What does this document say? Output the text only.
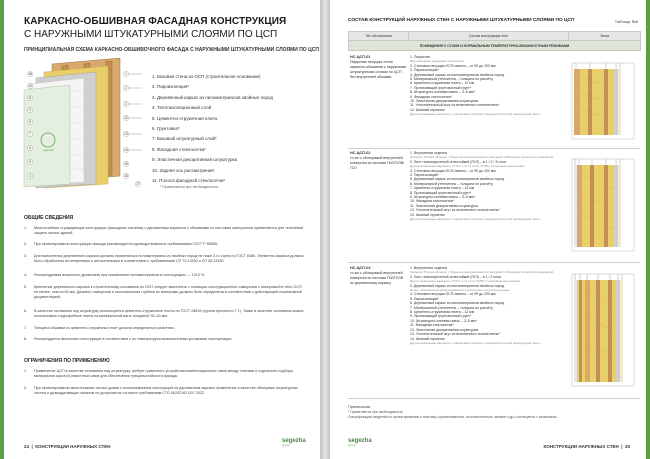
КАРКАСНО-ОБШИВНАЯ ФАСАДНАЯ КОНСТРУКЦИЯ
С НАРУЖНЫМИ ШТУКАТУРНЫМИ СЛОЯМИ ПО ЦСП
ПРИНЦИПИАЛЬНАЯ СХЕМА КАРКАСНО-ОБШИВОЧНОГО ФАСАДА С НАРУЖНЫМИ ШТУКАТУРНЫМИ СЛОЯМИ ПО ЦСП
segezha
18
10
11
9
8
7
6
5
4
1
2
3
12
13
14
15
16
17
1. Базовая стена из ОСП (строительное основание)
2. Пароизоляция*
3. Деревянный каркас из пиломатериалов хвойных пород
4. Теплоизоляционный слой
5. Цементно-стружечная плита
6. Грунтовка*
7. Базовый штукатурный слой*
8. Фасадная стеклосетка*
9. Эластичная декоративная штукатурка
10. Задняя ось рассмотрения
11. Полоса фасадной стеклосетки*
* Применяется при необходимости
ОБЩИЕ СВЕДЕНИЯ
1. Многослойные ограждающие конструкции (фасадные системы) с деревянным каркасом с обшивками из листовых материалов применяются для теплоёвой защиты жилых зданий.
2. При проектировании конструкции фасада рекомендуется руководствоваться требованиями ГОСТ Р 55658.
3. Для выполнения деревянного каркаса должны применяться пиломатериалы из хвойных пород не ниже 2-го сорта по ГОСТ 8486. Элементы каркаса должны быть обработаны антипиренами и антисептиками в соответствии с требованиями СП 70.13330 и СП 28.13330.
4. Рекомендуемая влажность древесины при применении пиломатериалов в конструкциях — 12±2 %.
5. Крепление деревянного каркаса к строительному основанию из ОСП следует выполнять с помощью конструкционных саморезов с анкеровкой в тело ОСП не менее, чем на 60 мм. Диаметр саморезов и окончательная глубина их анкеровки должны быть определены в соответствии с действующей нормативной документацией.
6. В качестве основания под штукатурку используются цементно-стружечные плиты по ГОСТ 26816 (группа прочности Г 1). Также в качестве основания можно использовать гидрофобные плиты из минеральной ваты толщиной 30–40 мм.
7. Толщина обшивки из цементно-стружечных плит должна определяться расчётом.
8. Рекомендуется выполнять конструкции в соответствии с их температурно-влажностными условиями эксплуатации.
ОГРАНИЧЕНИЯ ПО ПРИМЕНЕНИЮ
1. Применение ЦСП в качестве основания под штукатурку требует грамотного устройства компенсационных швов между плитами и отдельного подбора материалов скрытой ремонтных швов для обеспечения трещиностойкости фасада.
2. При проектировании многоэтажных жилых домов с использованием конструкций на деревянном каркасе применение в качестве облицовки штукатурных систем и дымоудаляющих каналов не допускается согласно требованиям СТО 06202162-007-2022.
24  |  КОНСТРУКЦИИ НАРУЖНЫХ СТЕН
segezha
group
СОСТАВ КОНСТРУКЦИЙ НАРУЖНЫХ СТЕН С НАРУЖНЫМИ ШТУКАТУРНЫМИ СЛОЯМИ ПО ЦСП	Таблица №8
Тип обозначения	Состав конструкции стен	Эскиз
ПОМЕЩЕНИЯ С СУХИМ И НОРМАЛЬНЫМ ТЕМПЕРАТУРНО-ВЛАЖНОСТНЫМ РЕЖИМАМИ
НС-ЦСП-01
Наружная несущая стена каркасно-обшивная с наружными штукатурными слоями по ЦСП без внутренней обшивки
1. Покрытие
Вид облицовки (заданный заказчиком)
2. Стеновая несущая ОСП-панель – от 90 до 200 мм
3. Пароизоляция*
4. Деревянный каркас из пиломатериалов хвойных пород
5. Минеральный утеплитель – толщина по расчёту
6. Цементно-стружечная плита – 12 мм
7. Проникающий грунтовочный грунт*
8. Штукатурно-клеевая смесь – 3–5 мм*
9. Фасадная стеклосетка*
10. Эластичная декоративная штукатурка
11. Уплотнительный жгут из вспененного полиэтилена*
12. Шовный герметик
Другие возможные варианты: штапиковая пластика с разделкой полосой армирующей ленты
НС-ЦСП-02
то же с облицовкой внутренней поверхности листами ГКЛ/ГКЛВ/ГСП
1. Внутренняя отделка
Окраска / Плитка облицов. / Покрытие декоративной штукатуркой / Облицовка плиткой или раковиной
2. Лист гипсокартонный огнестойкий (ГКЛ) – в 1 / 2 / 3 слоя
Другие возможные варианты: ГСП в 1 / 2 / 3 слоя; ГКЛВ с пошаговым креплением
3. Стеновая несущая ОСП-панель – от 90 до 200 мм
4. Пароизоляция*
5. Деревянный каркас из пиломатериалов хвойных пород
6. Минеральный утеплитель – толщина по расчёту
7. Цементно-стружечная плита – 12 мм
8. Проникающий грунтовочный грунт*
9. Штукатурно-клеевая смесь – 3–5 мм*
10. Фасадная стеклосетка*
11. Эластичная декоративная штукатурка
12. Уплотнительный жгут из вспененного полиэтилена*
13. Шовный герметик
Другие возможные варианты: штапиковая пластика с разделкой полосой армирующей ленты
НС-ЦСП-03
то же с облицовкой внутренней поверхности листами ГКЛ/ГКЛВ по деревянному каркасу
1. Внутренняя отделка
Окраска / Плитка облицов. / Покрытие декоративной штукатуркой / Облицовка плиткой или раковиной
2. Лист гипсокартонный огнестойкий (ГКЛ) – в 1 / 2 слоя
Другие возможные варианты: ГСП в 1 / 2 слоя; ГКЛВ с пошаговым креплением
3. Деревянный каркас из пиломатериалов хвойных пород
50 мм, заполненный минераловатным утеплителем и вентиляционным
4. Стеновая несущая ОСП-панель – от 90 до 200 мм
5. Пароизоляция*
6. Деревянный каркас из пиломатериалов хвойных пород
7. Минеральный утеплитель – толщина по расчёту
8. Цементно-стружечная плита – 12 мм
9. Проникающий грунтовочный грунт*
10. Штукатурно-клеевая смесь – 3–5 мм*
11. Фасадная стеклосетка*
12. Эластичная декоративная штукатурка
13. Уплотнительный жгут из вспененного полиэтилена*
14. Шовный герметик
Другие возможные варианты: штапиковая пластика с разделкой полосой армирующей ленты
Примечания:
* Применяется при необходимости
Спецификация сведений по проектированию и монтажу (организованные, исполнительные, мелкие и др.) согласуется с заказчиком.
segezha
group	КОНСТРУКЦИИ НАРУЖНЫХ СТЕН  |  25
